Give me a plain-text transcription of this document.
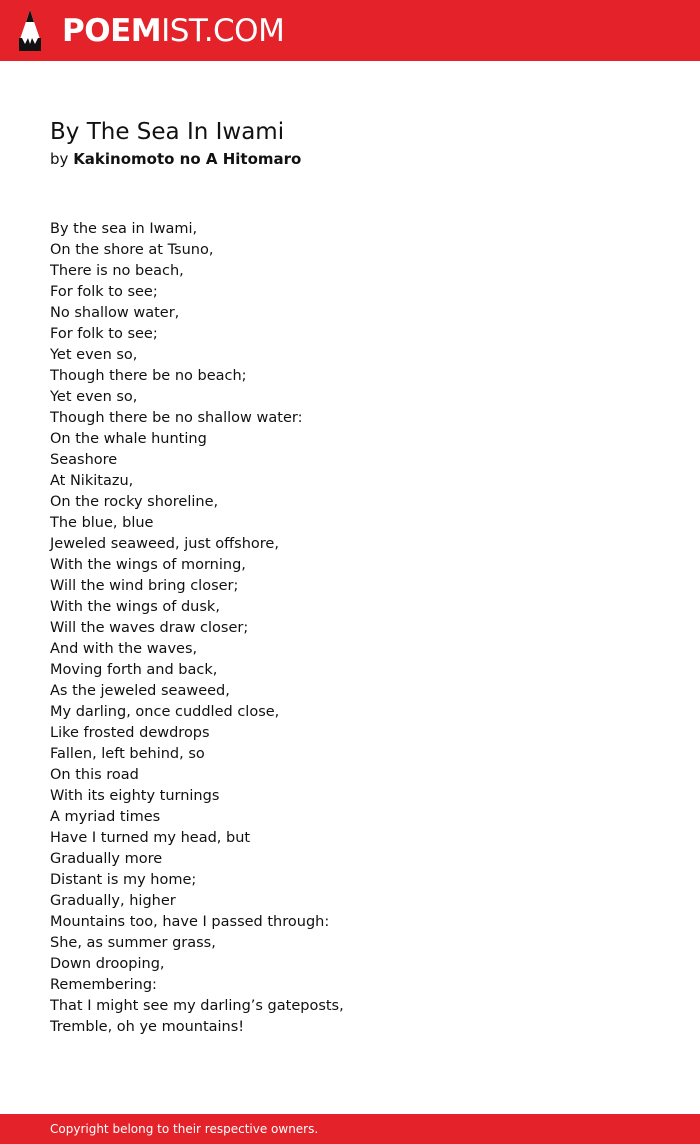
POEMIST.COM
By The Sea In Iwami
by Kakinomoto no A Hitomaro
By the sea in Iwami,
On the shore at Tsuno,
There is no beach,
For folk to see;
No shallow water,
For folk to see;
Yet even so,
Though there be no beach;
Yet even so,
Though there be no shallow water:
On the whale hunting
Seashore
At Nikitazu,
On the rocky shoreline,
The blue, blue
Jeweled seaweed, just offshore,
With the wings of morning,
Will the wind bring closer;
With the wings of dusk,
Will the waves draw closer;
And with the waves,
Moving forth and back,
As the jeweled seaweed,
My darling, once cuddled close,
Like frosted dewdrops
Fallen, left behind, so
On this road
With its eighty turnings
A myriad times
Have I turned my head, but
Gradually more
Distant is my home;
Gradually, higher
Mountains too, have I passed through:
She, as summer grass,
Down drooping,
Remembering:
That I might see my darling’s gateposts,
Tremble, oh ye mountains!
Copyright belong to their respective owners.
